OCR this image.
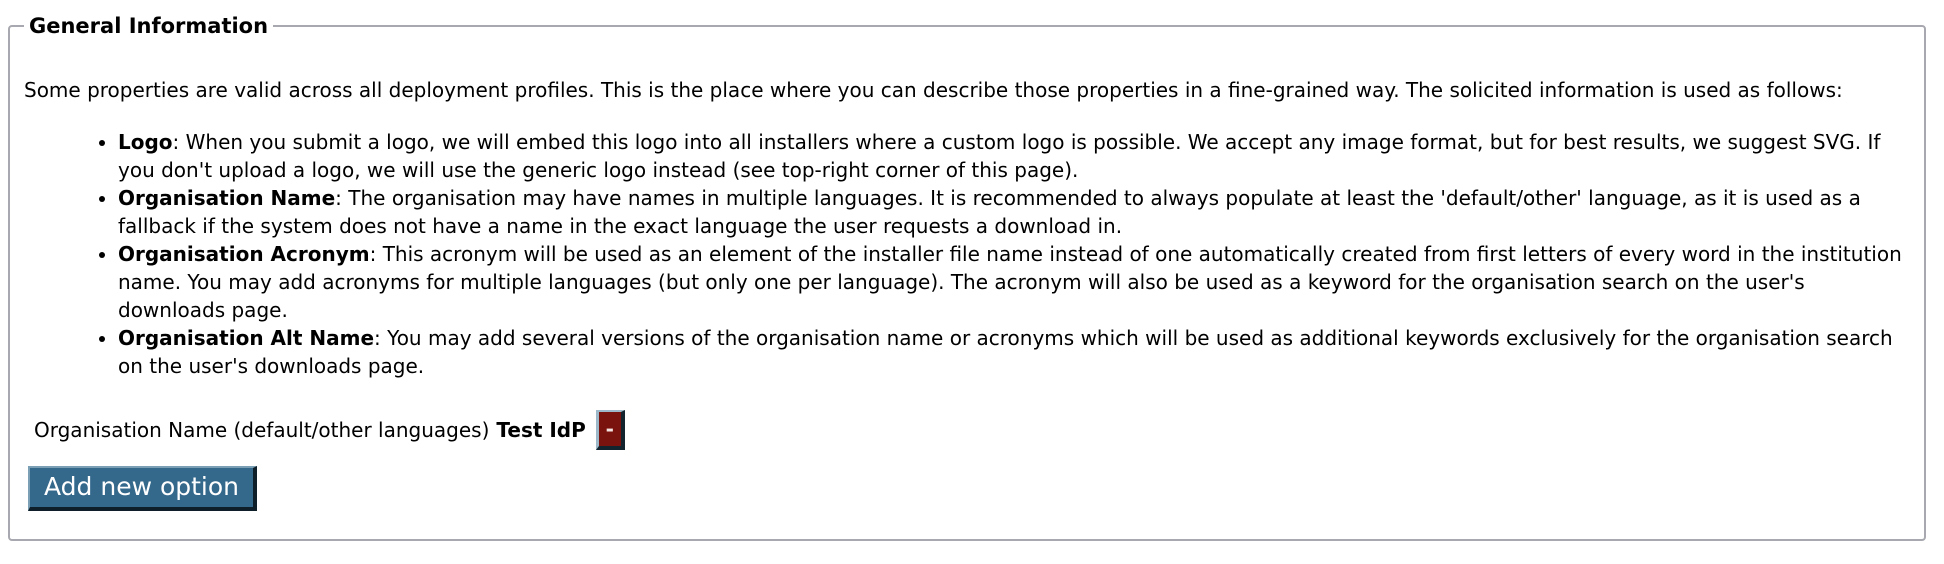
General Information

Some properties are valid across all deployment profiles. This is the place where you can describe those properties in a fine-grained way. The solicited information is used as follows:

• Logo: When you submit a logo, we will embed this logo into all installers where a custom logo is possible. We accept any image format, but for best results, we suggest SVG. If you don't upload a logo, we will use the generic logo instead (see top-right corner of this page).
• Organisation Name: The organisation may have names in multiple languages. It is recommended to always populate at least the 'default/other' language, as it is used as a fallback if the system does not have a name in the exact language the user requests a download in.
• Organisation Acronym: This acronym will be used as an element of the installer file name instead of one automatically created from first letters of every word in the institution name. You may add acronyms for multiple languages (but only one per language). The acronym will also be used as a keyword for the organisation search on the user's downloads page.
• Organisation Alt Name: You may add several versions of the organisation name or acronyms which will be used as additional keywords exclusively for the organisation search on the user's downloads page.
Organisation Name (default/other languages) Test IdP -
Add new option
